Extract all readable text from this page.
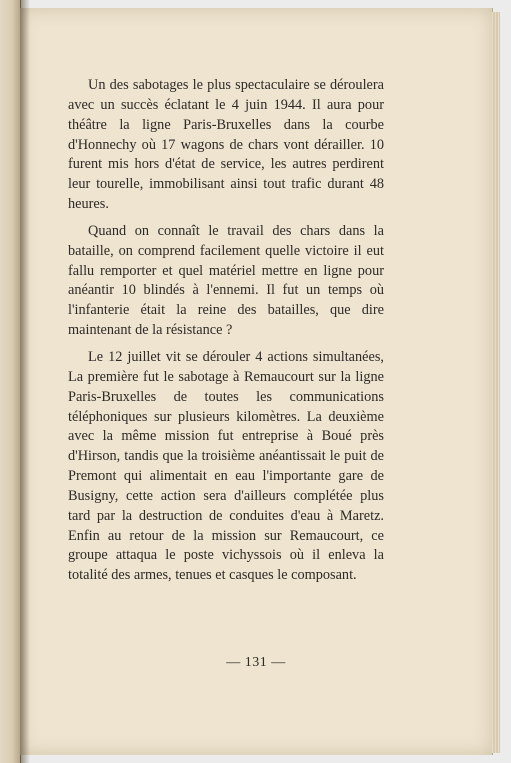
Un des sabotages le plus spectaculaire se déroulera avec un succès éclatant le 4 juin 1944. Il aura pour théâtre la ligne Paris-Bruxelles dans la courbe d'Honnechy où 17 wagons de chars vont dérailler. 10 furent mis hors d'état de service, les autres perdirent leur tourelle, immobilisant ainsi tout trafic durant 48 heures.

Quand on connaît le travail des chars dans la bataille, on comprend facilement quelle victoire il eut fallu remporter et quel matériel mettre en ligne pour anéantir 10 blindés à l'ennemi. Il fut un temps où l'infanterie était la reine des batailles, que dire maintenant de la résistance ?

Le 12 juillet vit se dérouler 4 actions simultanées, La première fut le sabotage à Remaucourt sur la ligne Paris-Bruxelles de toutes les communications téléphoniques sur plusieurs kilomètres. La deuxième avec la même mission fut entreprise à Boué près d'Hirson, tandis que la troisième anéantissait le puit de Premont qui alimentait en eau l'importante gare de Busigny, cette action sera d'ailleurs complétée plus tard par la destruction de conduites d'eau à Maretz. Enfin au retour de la mission sur Remaucourt, ce groupe attaqua le poste vichyssois où il enleva la totalité des armes, tenues et casques le composant.

— 131 —
